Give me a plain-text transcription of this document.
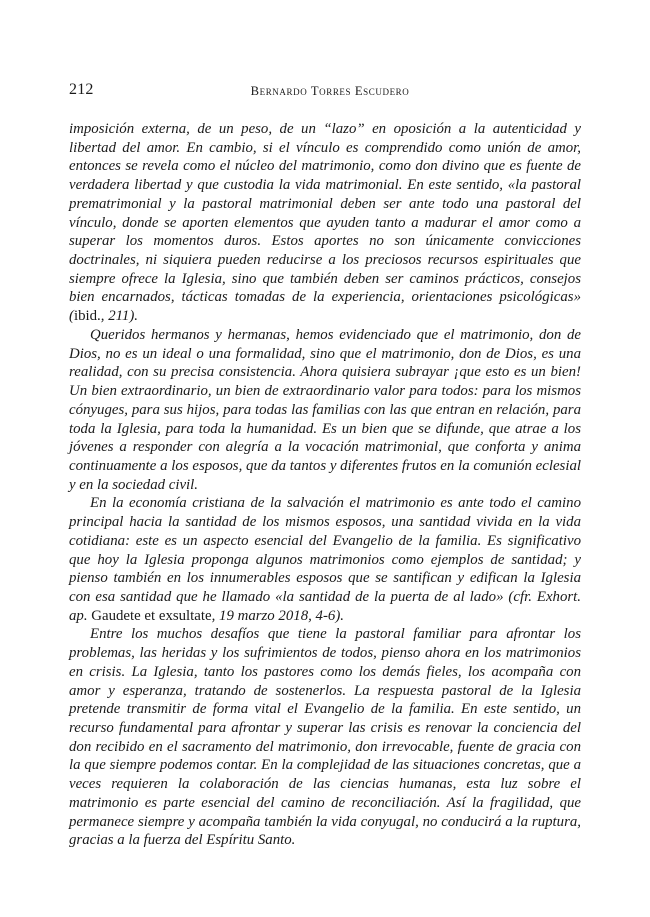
212	Bernardo Torres Escudero

imposición externa, de un peso, de un “lazo” en oposición a la autenticidad y libertad del amor. En cambio, si el vínculo es comprendido como unión de amor, entonces se revela como el núcleo del matrimonio, como don divino que es fuente de verdadera libertad y que custodia la vida matrimonial. En este sentido, «la pastoral prematrimonial y la pastoral matrimonial deben ser ante todo una pastoral del vínculo, donde se aporten elementos que ayuden tanto a madurar el amor como a superar los momentos duros. Estos aportes no son únicamente convicciones doctrinales, ni siquiera pueden reducirse a los preciosos recursos espirituales que siempre ofrece la Iglesia, sino que también deben ser caminos prácticos, consejos bien encarnados, tácticas tomadas de la experiencia, orientaciones psicológicas» (ibid., 211).

Queridos hermanos y hermanas, hemos evidenciado que el matrimonio, don de Dios, no es un ideal o una formalidad, sino que el matrimonio, don de Dios, es una realidad, con su precisa consistencia. Ahora quisiera subrayar ¡que esto es un bien! Un bien extraordinario, un bien de extraordinario valor para todos: para los mismos cónyuges, para sus hijos, para todas las familias con las que entran en relación, para toda la Iglesia, para toda la humanidad. Es un bien que se difunde, que atrae a los jóvenes a responder con alegría a la vocación matrimonial, que conforta y anima continuamente a los esposos, que da tantos y diferentes frutos en la comunión eclesial y en la sociedad civil.

En la economía cristiana de la salvación el matrimonio es ante todo el camino principal hacia la santidad de los mismos esposos, una santidad vivida en la vida cotidiana: este es un aspecto esencial del Evangelio de la familia. Es significativo que hoy la Iglesia proponga algunos matrimonios como ejemplos de santidad; y pienso también en los innumerables esposos que se santifican y edifican la Iglesia con esa santidad que he llamado «la santidad de la puerta de al lado» (cfr. Exhort. ap. Gaudete et exsultate, 19 marzo 2018, 4-6).

Entre los muchos desafíos que tiene la pastoral familiar para afrontar los problemas, las heridas y los sufrimientos de todos, pienso ahora en los matrimonios en crisis. La Iglesia, tanto los pastores como los demás fieles, los acompaña con amor y esperanza, tratando de sostenerlos. La respuesta pastoral de la Iglesia pretende transmitir de forma vital el Evangelio de la familia. En este sentido, un recurso fundamental para afrontar y superar las crisis es renovar la conciencia del don recibido en el sacramento del matrimonio, don irrevocable, fuente de gracia con la que siempre podemos contar. En la complejidad de las situaciones concretas, que a veces requieren la colaboración de las ciencias humanas, esta luz sobre el matrimonio es parte esencial del camino de reconciliación. Así la fragilidad, que permanece siempre y acompaña también la vida conyugal, no conducirá a la ruptura, gracias a la fuerza del Espíritu Santo.
